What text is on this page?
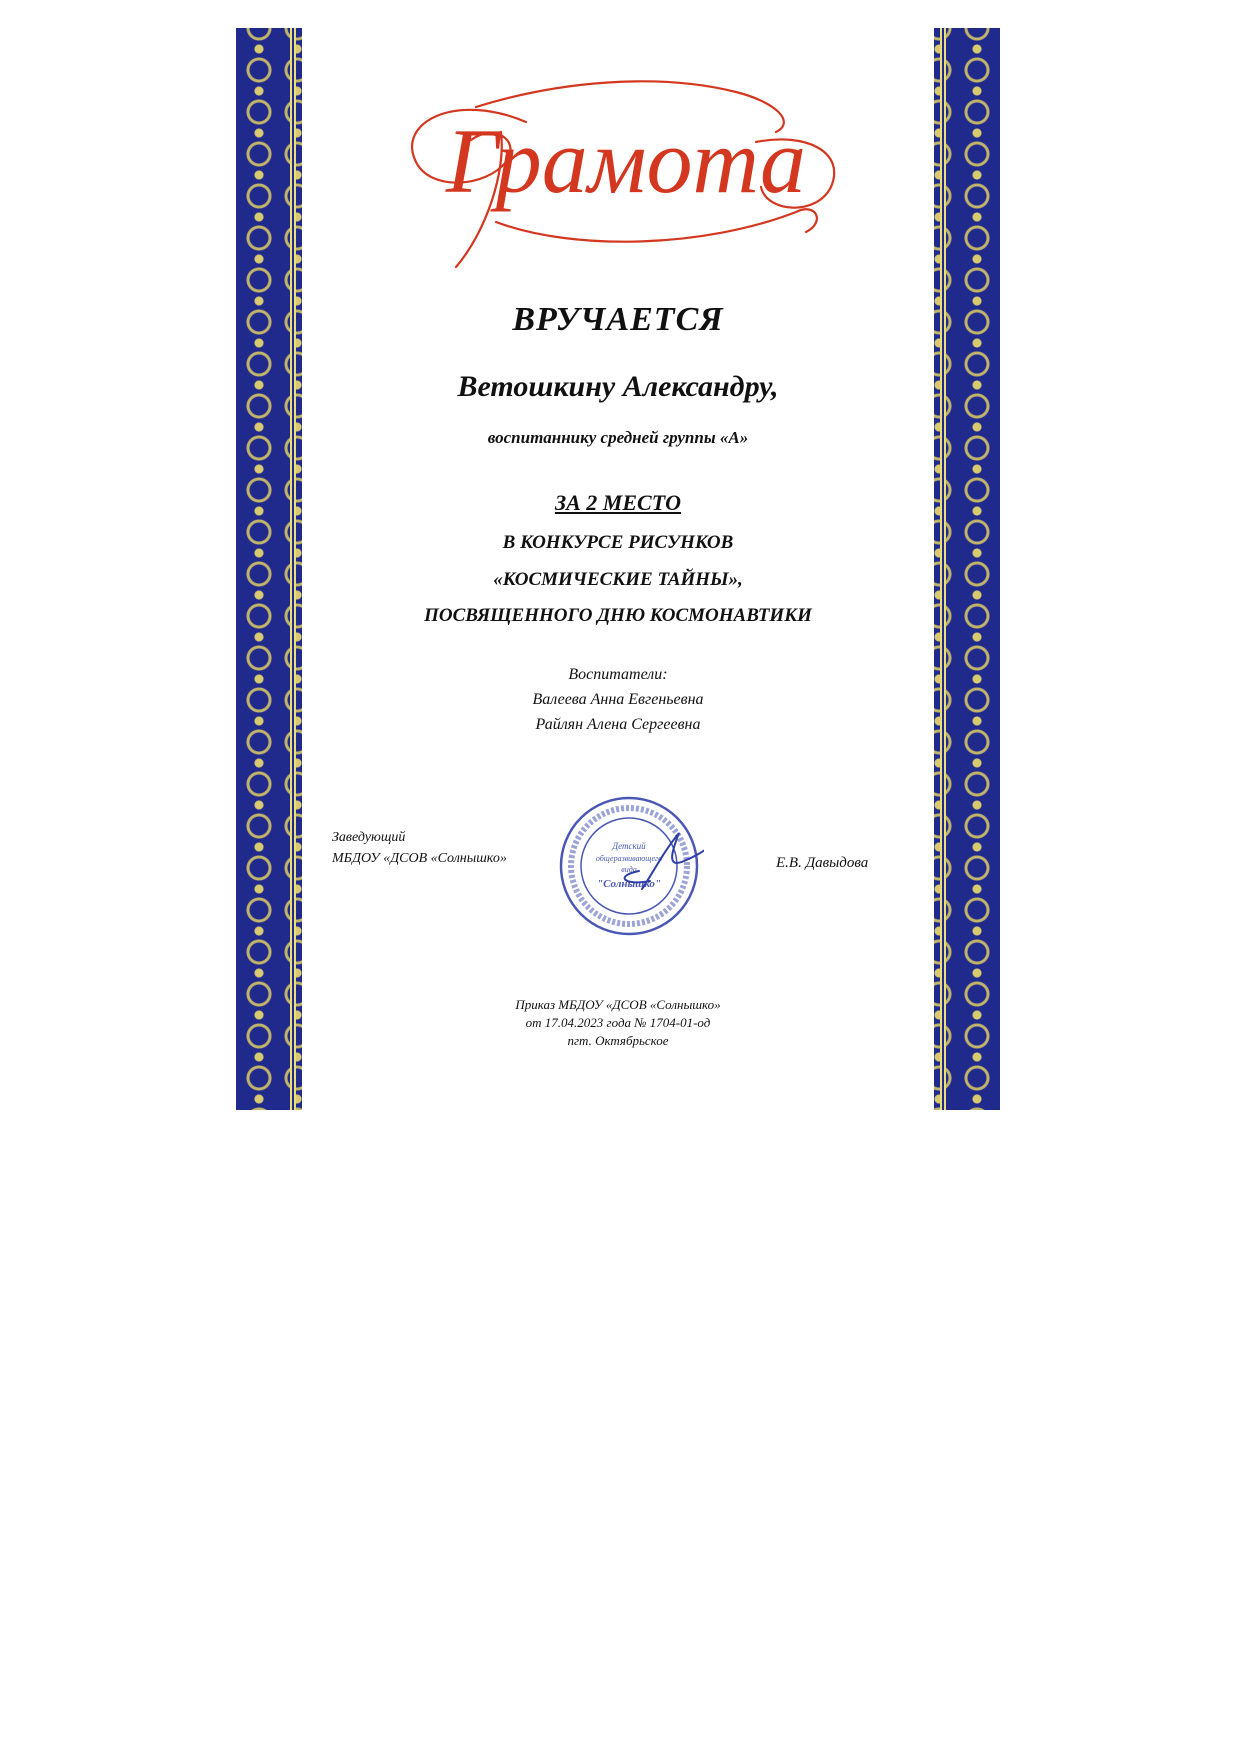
Грамота
ВРУЧАЕТСЯ
Ветошкину Александру,
воспитаннику средней группы «А»
ЗА 2 МЕСТО
В КОНКУРСЕ РИСУНКОВ
«КОСМИЧЕСКИЕ ТАЙНЫ»,
ПОСВЯЩЕННОГО ДНЮ КОСМОНАВТИКИ
Воспитатели:
Валеева Анна Евгеньевна
Райлян Алена Сергеевна
Заведующий
МБДОУ «ДСОВ «Солнышко»
Детский
общеразвивающего
вида
"Солнышко"
Е.В. Давыдова
Приказ МБДОУ «ДСОВ «Солнышко»
от 17.04.2023 года № 1704-01-од
пгт. Октябрьское
